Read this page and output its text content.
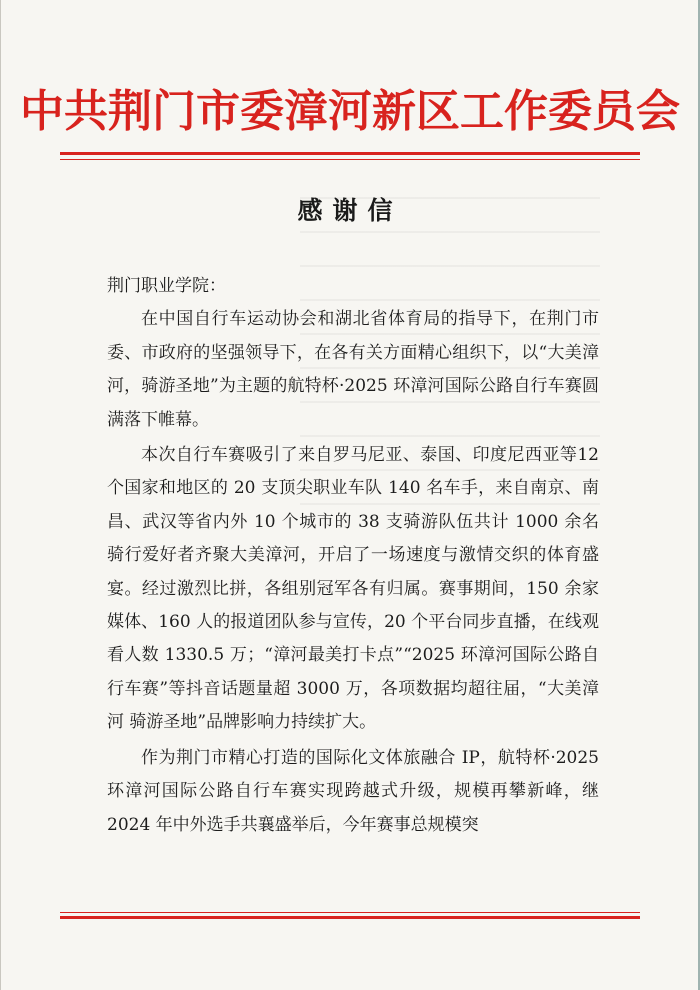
中共荆门市委漳河新区工作委员会
感谢信

荆门职业学院：

在中国自行车运动协会和湖北省体育局的指导下，在荆门市委、市政府的坚强领导下，在各有关方面精心组织下，以“大美漳河，骑游圣地”为主题的航特杯·2025 环漳河国际公路自行车赛圆满落下帷幕。

本次自行车赛吸引了来自罗马尼亚、泰国、印度尼西亚等12 个国家和地区的 20 支顶尖职业车队 140 名车手，来自南京、南昌、武汉等省内外 10 个城市的 38 支骑游队伍共计 1000 余名骑行爱好者齐聚大美漳河，开启了一场速度与激情交织的体育盛宴。经过激烈比拼，各组别冠军各有归属。赛事期间，150 余家媒体、160 人的报道团队参与宣传，20 个平台同步直播，在线观看人数 1330.5 万；“漳河最美打卡点”“2025 环漳河国际公路自行车赛”等抖音话题量超 3000 万，各项数据均超往届，“大美漳河 骑游圣地”品牌影响力持续扩大。

作为荆门市精心打造的国际化文体旅融合 IP，航特杯·2025 环漳河国际公路自行车赛实现跨越式升级，规模再攀新峰，继 2024 年中外选手共襄盛举后，今年赛事总规模突
